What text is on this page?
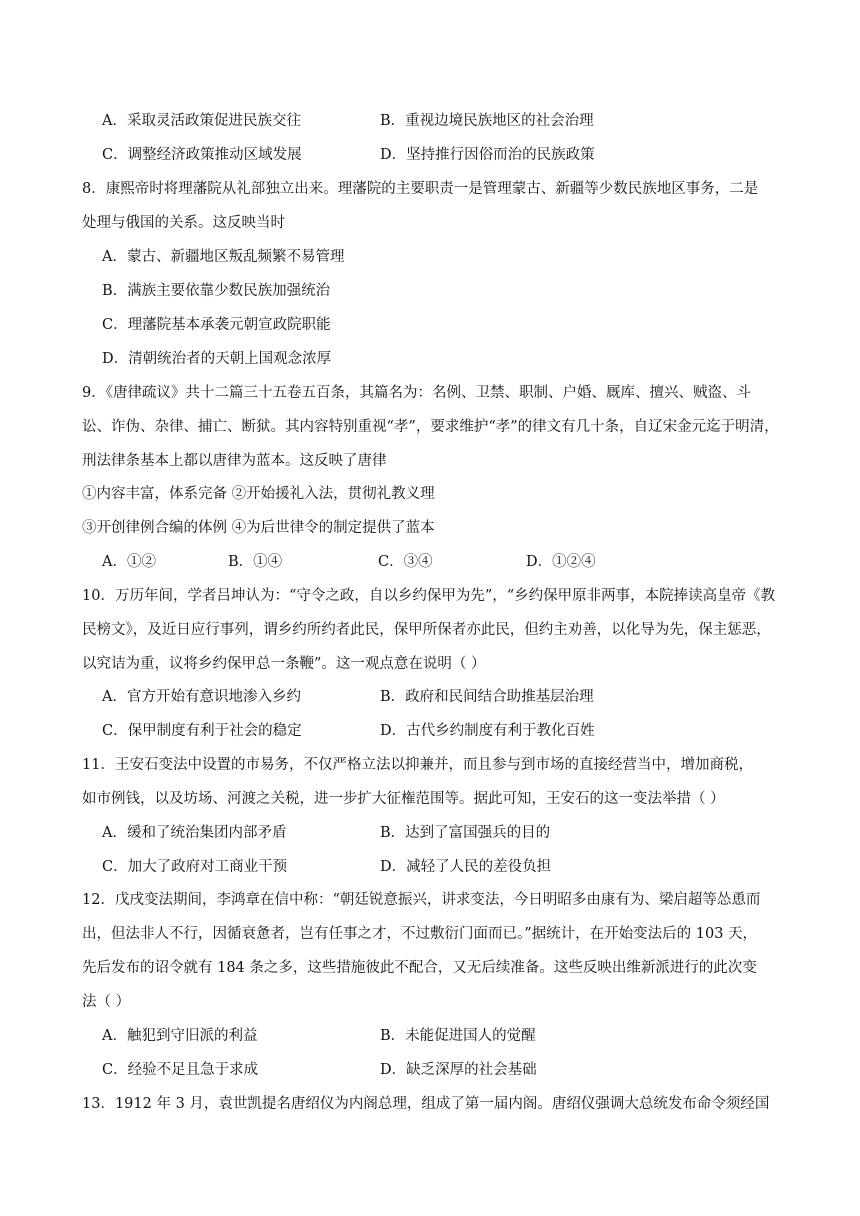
A．采取灵活政策促进民族交往	B．重视边境民族地区的社会治理
C．调整经济政策推动区域发展	D．坚持推行因俗而治的民族政策
8．康熙帝时将理藩院从礼部独立出来。理藩院的主要职责一是管理蒙古、新疆等少数民族地区事务，二是
处理与俄国的关系。这反映当时
A．蒙古、新疆地区叛乱频繁不易管理
B．满族主要依靠少数民族加强统治
C．理藩院基本承袭元朝宣政院职能
D．清朝统治者的天朝上国观念浓厚
9．《唐律疏议》共十二篇三十五卷五百条，其篇名为：名例、卫禁、职制、户婚、厩库、擅兴、贼盗、斗
讼、诈伪、杂律、捕亡、断狱。其内容特别重视“孝”，要求维护“孝”的律文有几十条，自辽宋金元迄于明清，
刑法律条基本上都以唐律为蓝本。这反映了唐律
①内容丰富，体系完备 ②开始援礼入法，贯彻礼教义理
③开创律例合编的体例 ④为后世律令的制定提供了蓝本
A．①②	B．①④	C．③④	D．①②④
10．万历年间，学者吕坤认为：“守令之政，自以乡约保甲为先”，“乡约保甲原非两事，本院捧读高皇帝《教
民榜文》，及近日应行事列，谓乡约所约者此民，保甲所保者亦此民，但约主劝善，以化导为先，保主惩恶，
以究诘为重，议将乡约保甲总一条鞭”。这一观点意在说明（ ）
A．官方开始有意识地渗入乡约	B．政府和民间结合助推基层治理
C．保甲制度有利于社会的稳定	D．古代乡约制度有利于教化百姓
11．王安石变法中设置的市易务，不仅严格立法以抑兼并，而且参与到市场的直接经营当中，增加商税，
如市例钱，以及坊场、河渡之关税，进一步扩大征権范围等。据此可知，王安石的这一变法举措（ ）
A．缓和了统治集团内部矛盾	B．达到了富国强兵的目的
C．加大了政府对工商业干预	D．减轻了人民的差役负担
12．戊戌变法期间，李鸿章在信中称：“朝廷锐意振兴，讲求变法，今日明昭多由康有为、梁启超等怂恿而
出，但法非人不行，因循衰惫者，岂有任事之才，不过敷衍门面而已。”据统计，在开始变法后的 103 天，
先后发布的诏令就有 184 条之多，这些措施彼此不配合，又无后续准备。这些反映出维新派进行的此次变
法（ ）
A．触犯到守旧派的利益	B．未能促进国人的觉醒
C．经验不足且急于求成	D．缺乏深厚的社会基础
13．1912 年 3 月，袁世凯提名唐绍仪为内阁总理，组成了第一届内阁。唐绍仪强调大总统发布命令须经国
